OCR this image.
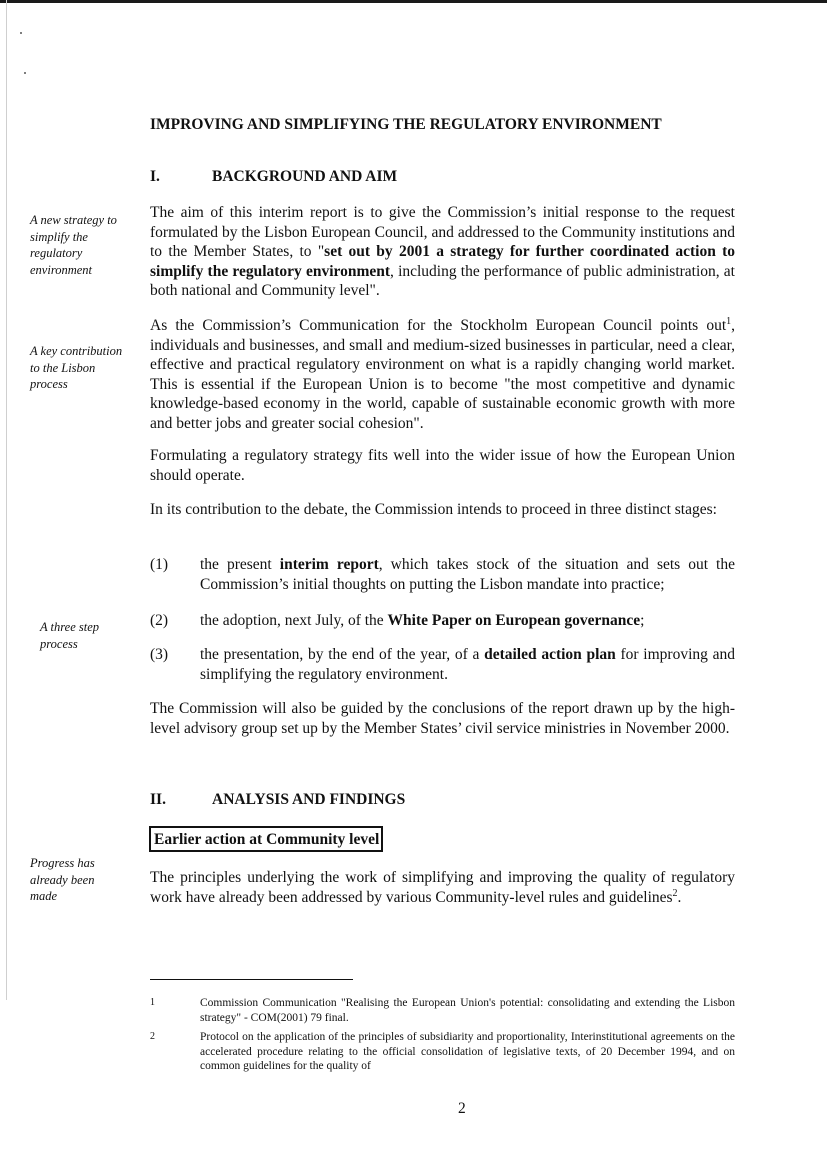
A new strategy to simplify the regulatory environment
A key contribution to the Lisbon process
A three step process
Progress has already been made
IMPROVING AND SIMPLIFYING THE REGULATORY ENVIRONMENT
I.	BACKGROUND AND AIM
The aim of this interim report is to give the Commission’s initial response to the request formulated by the Lisbon European Council, and addressed to the Community institutions and to the Member States, to "set out by 2001 a strategy for further coordinated action to simplify the regulatory environment, including the performance of public administration, at both national and Community level".
As the Commission’s Communication for the Stockholm European Council points out$^1$, individuals and businesses, and small and medium-sized businesses in particular, need a clear, effective and practical regulatory environment on what is a rapidly changing world market. This is essential if the European Union is to become "the most competitive and dynamic knowledge-based economy in the world, capable of sustainable economic growth with more and better jobs and greater social cohesion".
Formulating a regulatory strategy fits well into the wider issue of how the European Union should operate.
In its contribution to the debate, the Commission intends to proceed in three distinct stages:
(1) the present interim report, which takes stock of the situation and sets out the Commission’s initial thoughts on putting the Lisbon mandate into practice;
(2) the adoption, next July, of the White Paper on European governance;
(3) the presentation, by the end of the year, of a detailed action plan for improving and simplifying the regulatory environment.
The Commission will also be guided by the conclusions of the report drawn up by the high-level advisory group set up by the Member States’ civil service ministries in November 2000.
II.	ANALYSIS AND FINDINGS
Earlier action at Community level
The principles underlying the work of simplifying and improving the quality of regulatory work have already been addressed by various Community-level rules and guidelines$^2$.
1	Commission Communication "Realising the European Union's potential: consolidating and extending the Lisbon strategy" - COM(2001) 79 final.
2	Protocol on the application of the principles of subsidiarity and proportionality, Interinstitutional agreements on the accelerated procedure relating to the official consolidation of legislative texts, of 20 December 1994, and on common guidelines for the quality of
2
